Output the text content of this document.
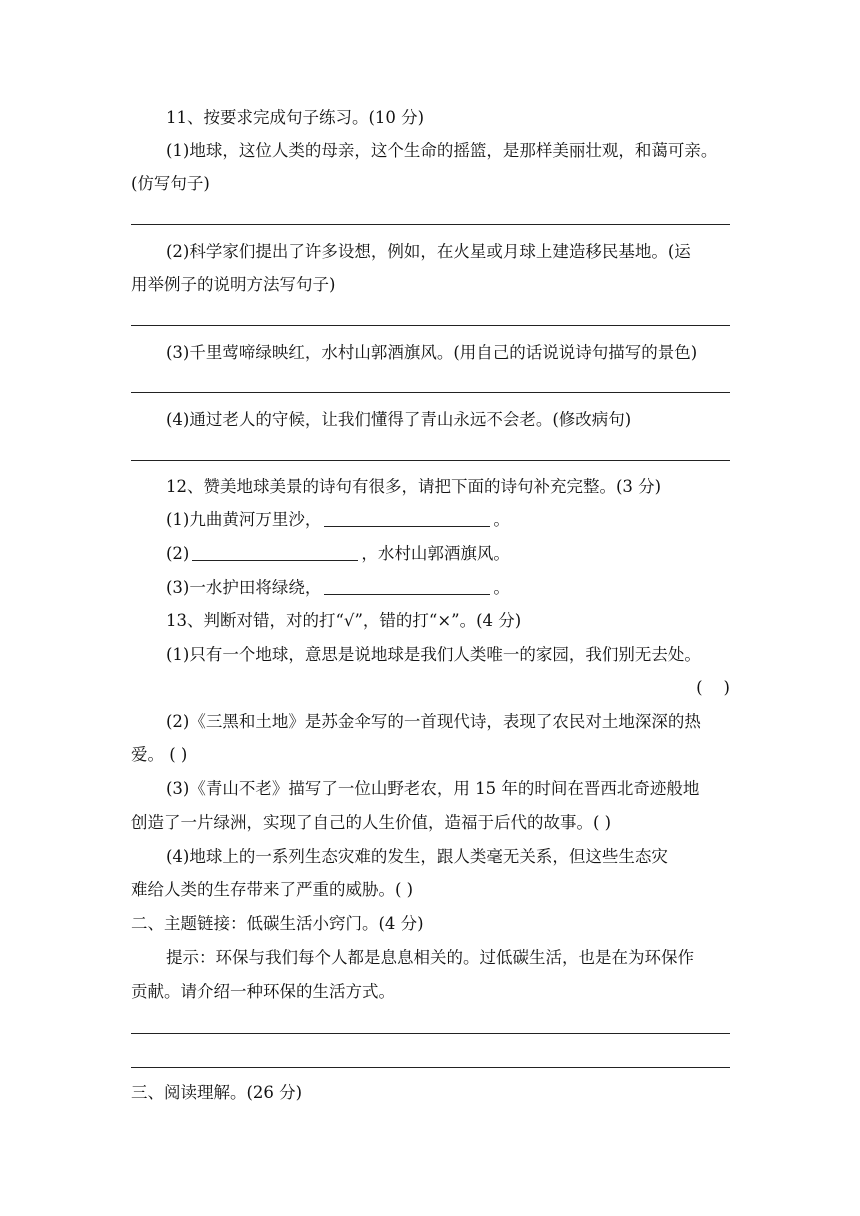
11、按要求完成句子练习。(10 分)
(1)地球，这位人类的母亲，这个生命的摇篮，是那样美丽壮观，和蔼可亲。
(仿写句子)
(2)科学家们提出了许多设想，例如，在火星或月球上建造移民基地。(运
用举例子的说明方法写句子)
(3)千里莺啼绿映红，水村山郭酒旗风。(用自己的话说说诗句描写的景色)
(4)通过老人的守候，让我们懂得了青山永远不会老。(修改病句)
12、赞美地球美景的诗句有很多，请把下面的诗句补充完整。(3 分)
(1)九曲黄河万里沙，	。
(2)	，水村山郭酒旗风。
(3)一水护田将绿绕，	。
13、判断对错，对的打“√”，错的打“×”。(4 分)
(1)只有一个地球，意思是说地球是我们人类唯一的家园，我们别无去处。
(    )
(2)《三黑和土地》是苏金伞写的一首现代诗，表现了农民对土地深深的热
爱。 ( )
(3)《青山不老》描写了一位山野老农，用 15 年的时间在晋西北奇迹般地
创造了一片绿洲，实现了自己的人生价值，造福于后代的故事。( )
(4)地球上的一系列生态灾难的发生，跟人类毫无关系，但这些生态灾
难给人类的生存带来了严重的威胁。( )
二、主题链接：低碳生活小窍门。(4 分)
提示：环保与我们每个人都是息息相关的。过低碳生活，也是在为环保作
贡献。请介绍一种环保的生活方式。
三、阅读理解。(26 分)
